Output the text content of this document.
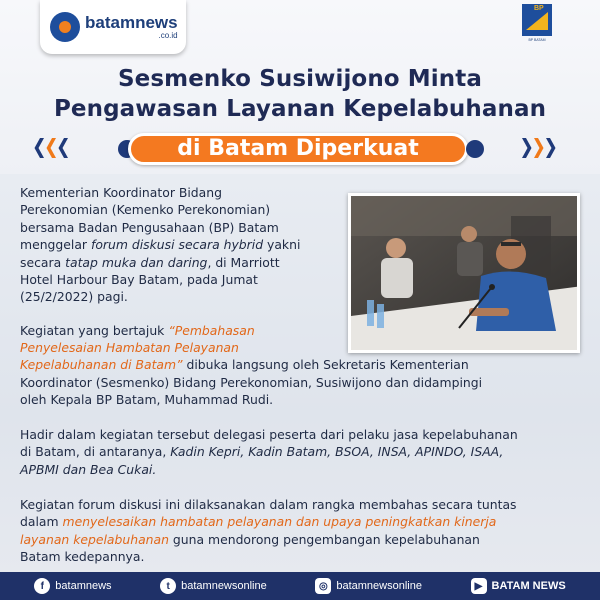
batamnews
.co.id
BP
BP BATAM
Sesmenko Susiwijono Minta
Pengawasan Layanan Kepelabuhanan
di Batam Diperkuat
Kementerian Koordinator Bidang
Perekonomian (Kemenko Perekonomian)
bersama Badan Pengusahaan (BP) Batam
menggelar forum diskusi secara hybrid yakni
secara tatap muka dan daring, di Marriott
Hotel Harbour Bay Batam, pada Jumat
(25/2/2022) pagi.
Kegiatan yang bertajuk “Pembahasan
Penyelesaian Hambatan Pelayanan
Kepelabuhanan di Batam” dibuka langsung oleh Sekretaris Kementerian
Koordinator (Sesmenko) Bidang Perekonomian, Susiwijono dan didampingi
oleh Kepala BP Batam, Muhammad Rudi.
Hadir dalam kegiatan tersebut delegasi peserta dari pelaku jasa kepelabuhanan
di Batam, di antaranya, Kadin Kepri, Kadin Batam, BSOA, INSA, APINDO, ISAA,
APBMI dan Bea Cukai.
Kegiatan forum diskusi ini dilaksanakan dalam rangka membahas secara tuntas
dalam menyelesaikan hambatan pelayanan dan upaya peningkatkan kinerja
layanan kepelabuhanan guna mendorong pengembangan kepelabuhanan
Batam kedepannya.
f	batamnews	t	batamnewsonline	◎ batamnewsonline	▶ BATAM NEWS
